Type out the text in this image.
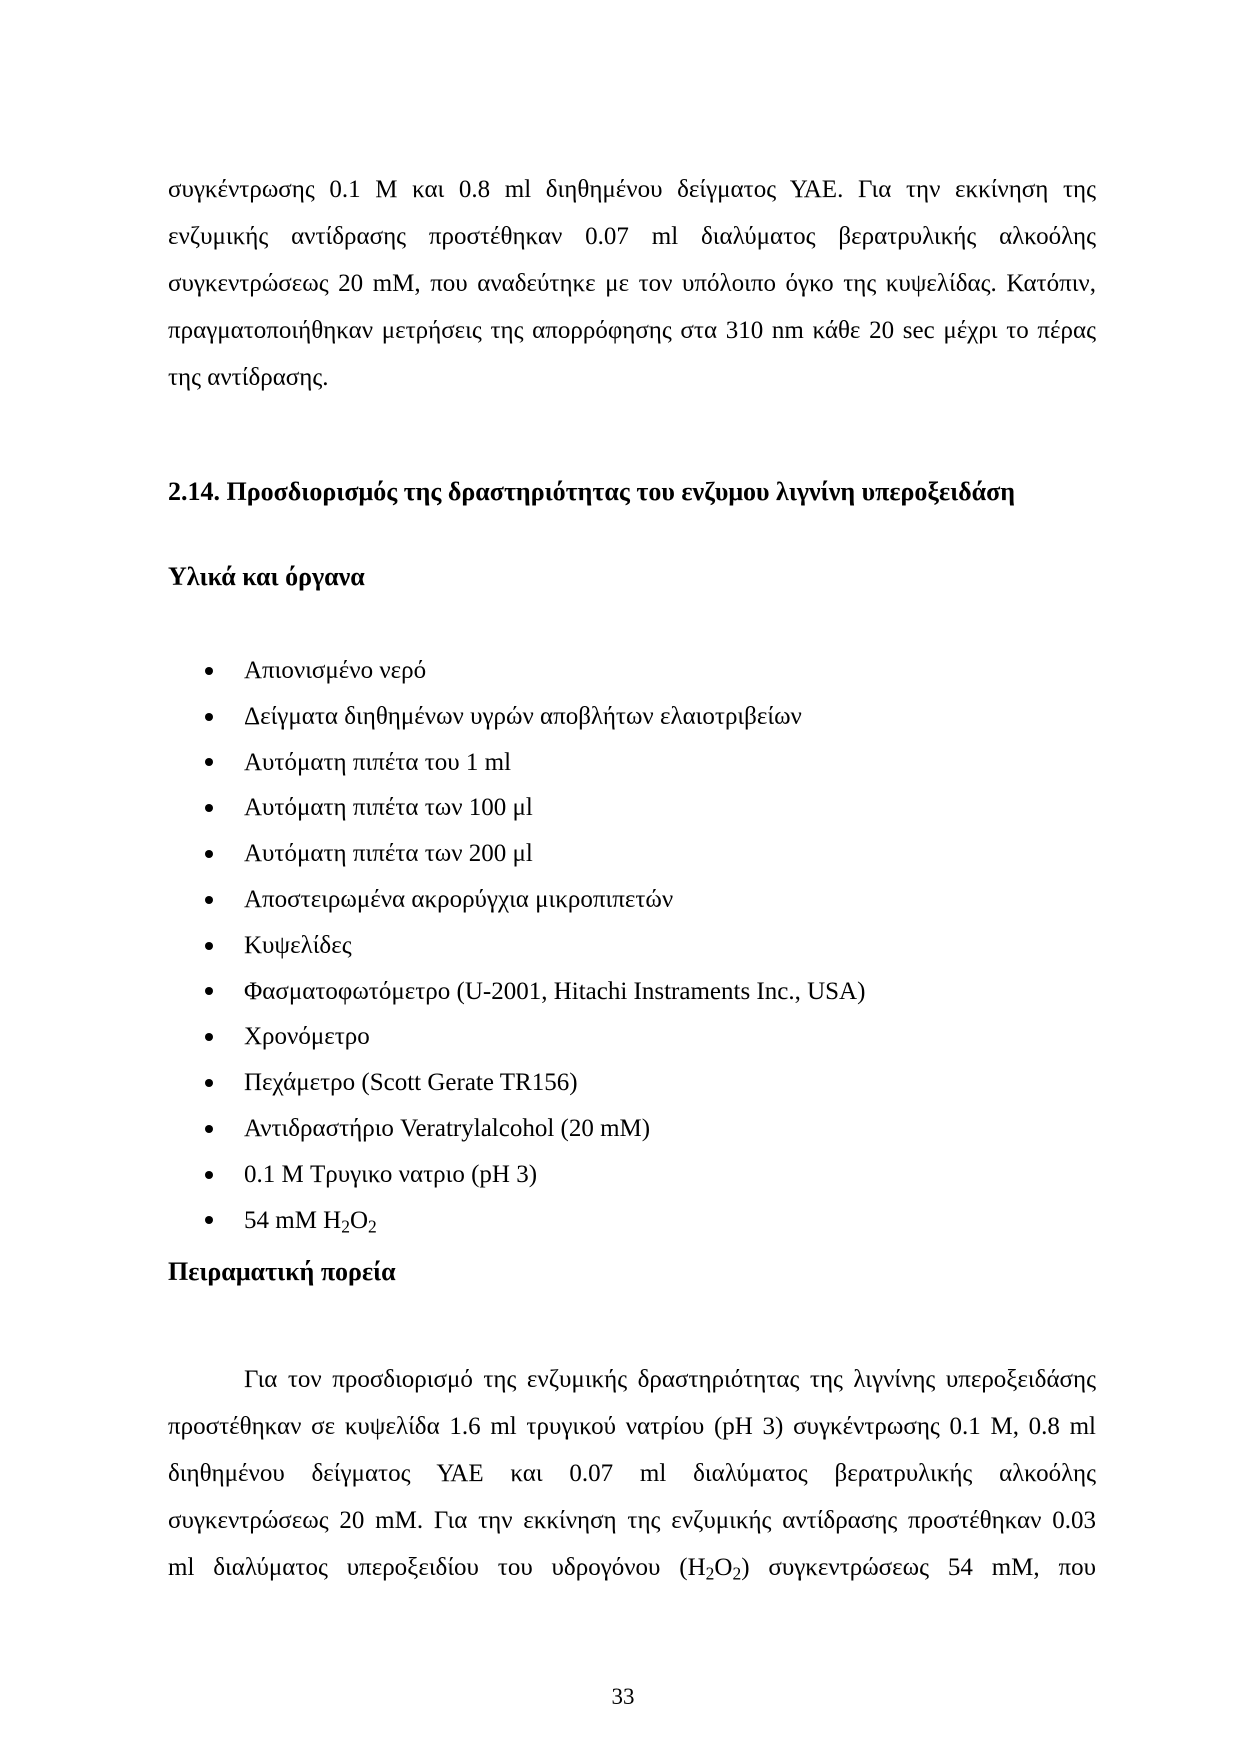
συγκέντρωσης 0.1 Μ και 0.8 ml διηθημένου δείγματος ΥΑΕ. Για την εκκίνηση της
ενζυμικής αντίδρασης προστέθηκαν 0.07 ml διαλύματος βερατρυλικής αλκοόλης
συγκεντρώσεως 20 mM, που αναδεύτηκε με τον υπόλοιπο όγκο της κυψελίδας. Κατόπιν,
πραγματοποιήθηκαν μετρήσεις της απορρόφησης στα 310 nm κάθε 20 sec μέχρι το πέρας
της αντίδρασης.
2.14. Προσδιορισμός της δραστηριότητας του ενζυμου λιγνίνη υπεροξειδάση
Υλικά και όργανα
Απιονισμένο νερό
Δείγματα διηθημένων υγρών αποβλήτων ελαιοτριβείων
Αυτόματη πιπέτα του 1 ml
Αυτόματη πιπέτα των 100 μl
Αυτόματη πιπέτα των 200 μl
Αποστειρωμένα ακρορύγχια μικροπιπετών
Κυψελίδες
Φασματοφωτόμετρο (U-2001, Hitachi Instraments Inc., USA)
Χρονόμετρο
Πεχάμετρο (Scott Gerate TR156)
Αντιδραστήριο Veratrylalcohol (20 mM)
0.1 M Τρυγικο νατριο (pH 3)
54 mM $H_2O_2$
Πειραματική πορεία
Για τον προσδιορισμό της ενζυμικής δραστηριότητας της λιγνίνης υπεροξειδάσης
προστέθηκαν σε κυψελίδα 1.6 ml τρυγικού νατρίου (pH 3) συγκέντρωσης 0.1 M, 0.8 ml
διηθημένου δείγματος ΥΑΕ και 0.07 ml διαλύματος βερατρυλικής αλκοόλης
συγκεντρώσεως 20 mM. Για την εκκίνηση της ενζυμικής αντίδρασης προστέθηκαν 0.03
ml διαλύματος υπεροξειδίου του υδρογόνου $(H_2O_2)$ συγκεντρώσεως 54 mM, που
33
